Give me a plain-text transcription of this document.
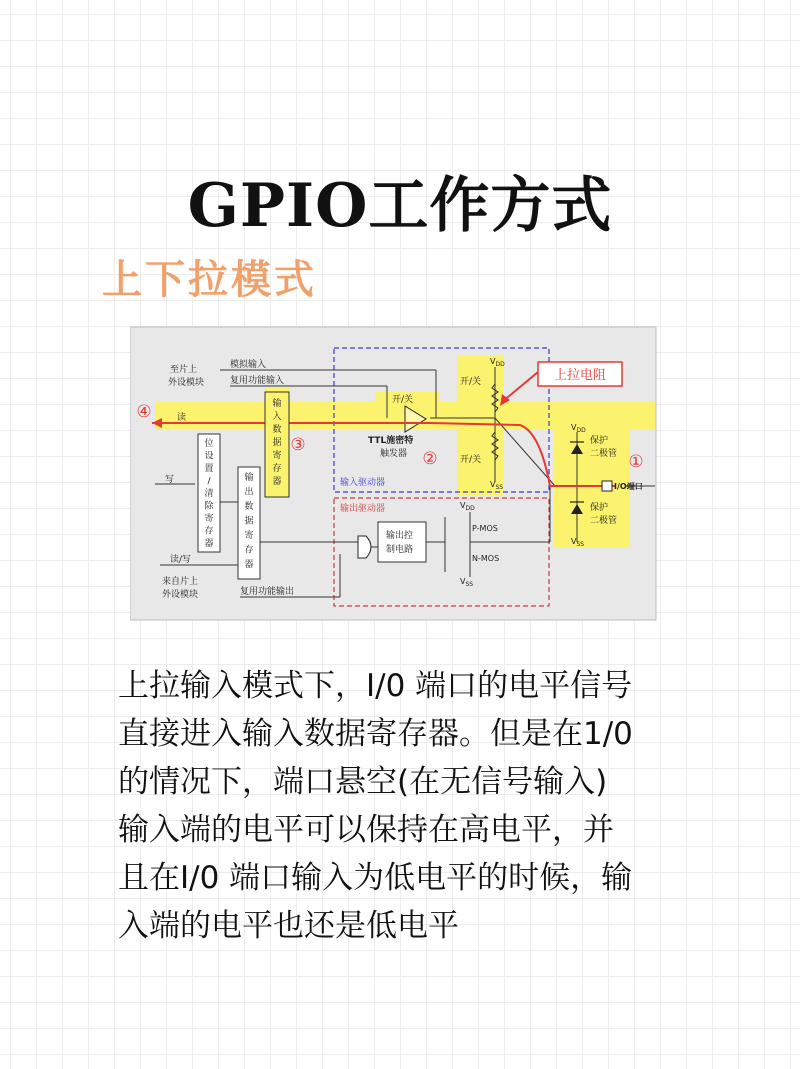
GPIO工作方式
上下拉模式
至片上
外设模块
模拟输入
复用功能输入
读
写
读/写
来自片上
外设模块	复用功能输出
开/关
开/关
开/关
TTL施密特
触发器
输入驱动器
输出驱动器
输出控
制电路
P-MOS
N-MOS
保护
二极管
保护
二极管
I/O端口
$V_{DD}$
$V_{SS}$
$V_{DD}$
$V_{SS}$
$V_{DD}$
$V_{SS}$
输入数据寄存器
位设置/清除寄存器
输出数据寄存器
上拉电阻
①
②
③
④
上拉输入模式下，I/0 端口的电平信号
直接进入输入数据寄存器。但是在1/0
的情况下，端口悬空(在无信号输入)
输入端的电平可以保持在高电平，并
且在I/0 端口输入为低电平的时候，输
入端的电平也还是低电平
